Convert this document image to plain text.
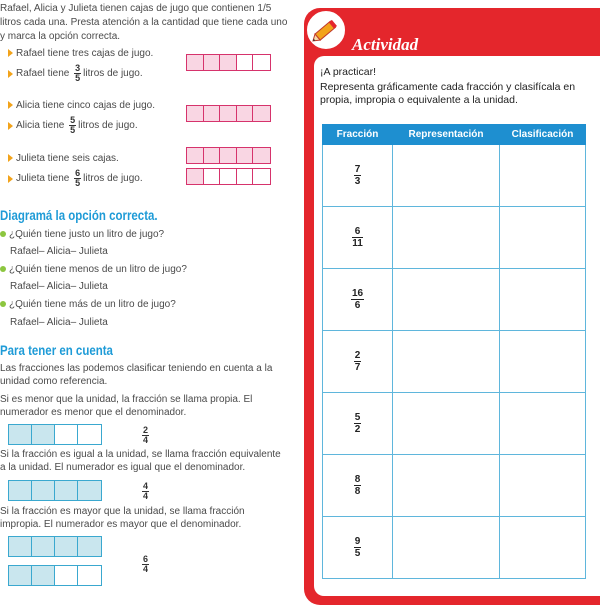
Rafael, Alicia y Julieta tienen cajas de jugo que contienen 1/5 litros cada una. Presta atención a la cantidad que tiene cada uno y marca la opción correcta.

Rafael tiene tres cajas de jugo.
Rafael tiene $\frac{3}{5}$ litros de jugo.
Alicia tiene cinco cajas de jugo.
Alicia tiene $\frac{5}{5}$ litros de jugo.
Julieta tiene seis cajas.
Julieta tiene $\frac{6}{5}$ litros de jugo.
Diagramá la opción correcta.
¿Quién tiene justo un litro de jugo?
Rafael– Alicia– Julieta
¿Quién tiene menos de un litro de jugo?
Rafael– Alicia– Julieta
¿Quién tiene más de un litro de jugo?
Rafael– Alicia– Julieta
Para tener en cuenta

Las fracciones las podemos clasificar teniendo en cuenta a la unidad como referencia.

Si es menor que la unidad, la fracción se llama propia. El numerador es menor que el denominador.

$\frac{2}{4}$

Si la fracción es igual a la unidad, se llama fracción equivalente a la unidad. El numerador es igual que el denominador.

$\frac{4}{4}$

Si la fracción es mayor que la unidad, se llama fracción impropia. El numerador es mayor que el denominador.

$\frac{6}{4}$
Actividad
¡A practicar!
Representa gráficamente cada fracción y clasifícala en propia, impropia o equivalente a la unidad.
Fracción	Representación	Clasificación

$\frac{7}{3}$

$\frac{6}{11}$

$\frac{16}{6}$

$\frac{2}{7}$

$\frac{5}{2}$

$\frac{8}{8}$

$\frac{9}{5}$
